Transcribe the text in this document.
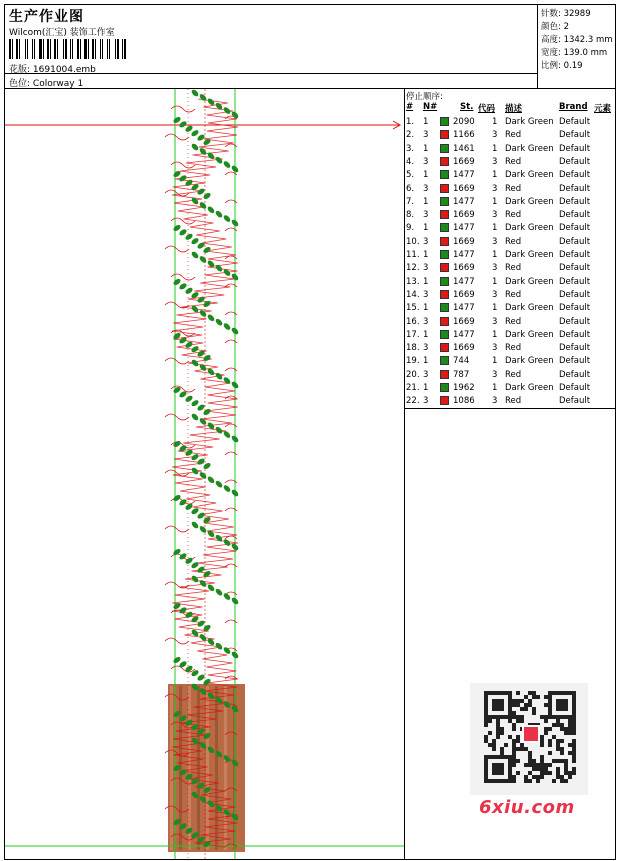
生产作业图
Wilcom(汇宝) 装饰工作室
花版: 1691004.emb
色位: Colorway 1
针数: 32989
颜色: 2
高度: 1342.3 mm
宽度: 139.0 mm
比例: 0.19
停止顺序:
# N#	St. 代码 描述	Brand 元素
1. 1	2090 1 Dark Green Default
2. 3	1166 3 Red	Default
3. 1	1461 1 Dark Green Default
4. 3	1669 3 Red	Default
5. 1	1477 1 Dark Green Default
6. 3	1669 3 Red	Default
7. 1	1477 1 Dark Green Default
8. 3	1669 3 Red	Default
9. 1	1477 1 Dark Green Default
10. 3	1669 3 Red	Default
11. 1	1477 1 Dark Green Default
12. 3	1669 3 Red	Default
13. 1	1477 1 Dark Green Default
14. 3	1669 3 Red	Default
15. 1	1477 1 Dark Green Default
16. 3	1669 3 Red	Default
17. 1	1477 1 Dark Green Default
18. 3	1669 3 Red	Default
19. 1	744	1 Dark Green Default
20. 3	787	3 Red	Default
21. 1	1962 1 Dark Green Default
22. 3	1086 3 Red	Default
6xiu.com
